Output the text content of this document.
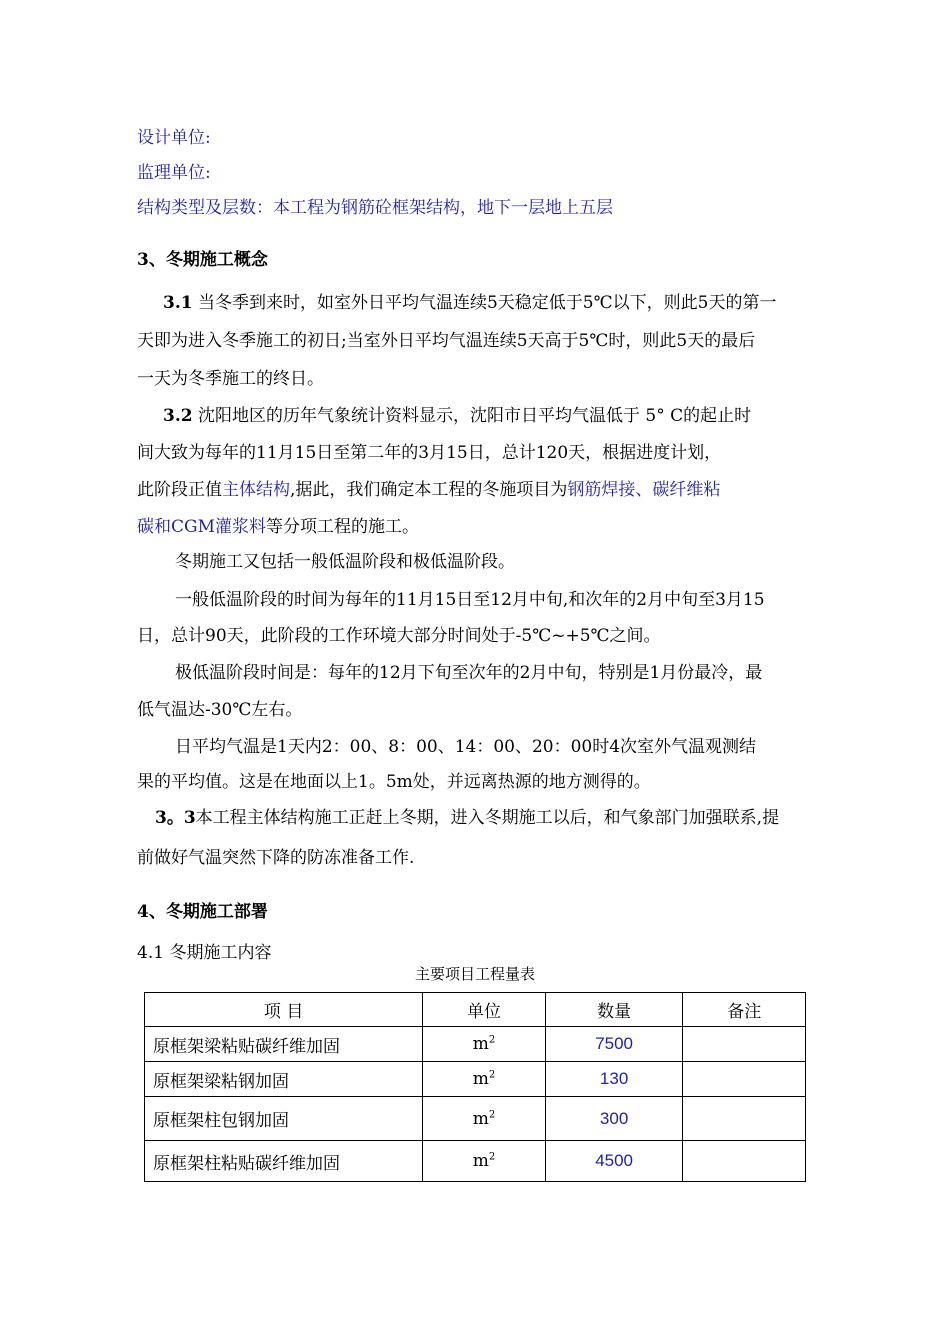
设计单位:
监理单位:
结构类型及层数：本工程为钢筋砼框架结构，地下一层地上五层
3、冬期施工概念
3.1 当冬季到来时，如室外日平均气温连续5天稳定低于5℃以下，则此5天的第一
天即为进入冬季施工的初日;当室外日平均气温连续5天高于5℃时，则此5天的最后
一天为冬季施工的终日。
3.2 沈阳地区的历年气象统计资料显示，沈阳市日平均气温低于 5° C的起止时
间大致为每年的11月15日至第二年的3月15日，总计120天，根据进度计划，
此阶段正值主体结构,据此，我们确定本工程的冬施项目为钢筋焊接、碳纤维粘
碳和CGM灌浆料等分项工程的施工。
冬期施工又包括一般低温阶段和极低温阶段。
一般低温阶段的时间为每年的11月15日至12月中旬,和次年的2月中旬至3月15
日，总计90天，此阶段的工作环境大部分时间处于-5℃~+5℃之间。
极低温阶段时间是：每年的12月下旬至次年的2月中旬，特别是1月份最冷，最
低气温达-30℃左右。
日平均气温是1天内2：00、8：00、14：00、20：00时4次室外气温观测结
果的平均值。这是在地面以上1。5m处，并远离热源的地方测得的。
3。3本工程主体结构施工正赶上冬期，进入冬期施工以后，和气象部门加强联系,提
前做好气温突然下降的防冻准备工作.
4、冬期施工部署
4.1 冬期施工内容
主要项目工程量表
项 目	单位	数量	备注
原框架梁粘贴碳纤维加固	$m^2$	7500	
原框架梁粘钢加固	$m^2$	130	
原框架柱包钢加固	$m^2$	300	
原框架柱粘贴碳纤维加固	$m^2$	4500	
